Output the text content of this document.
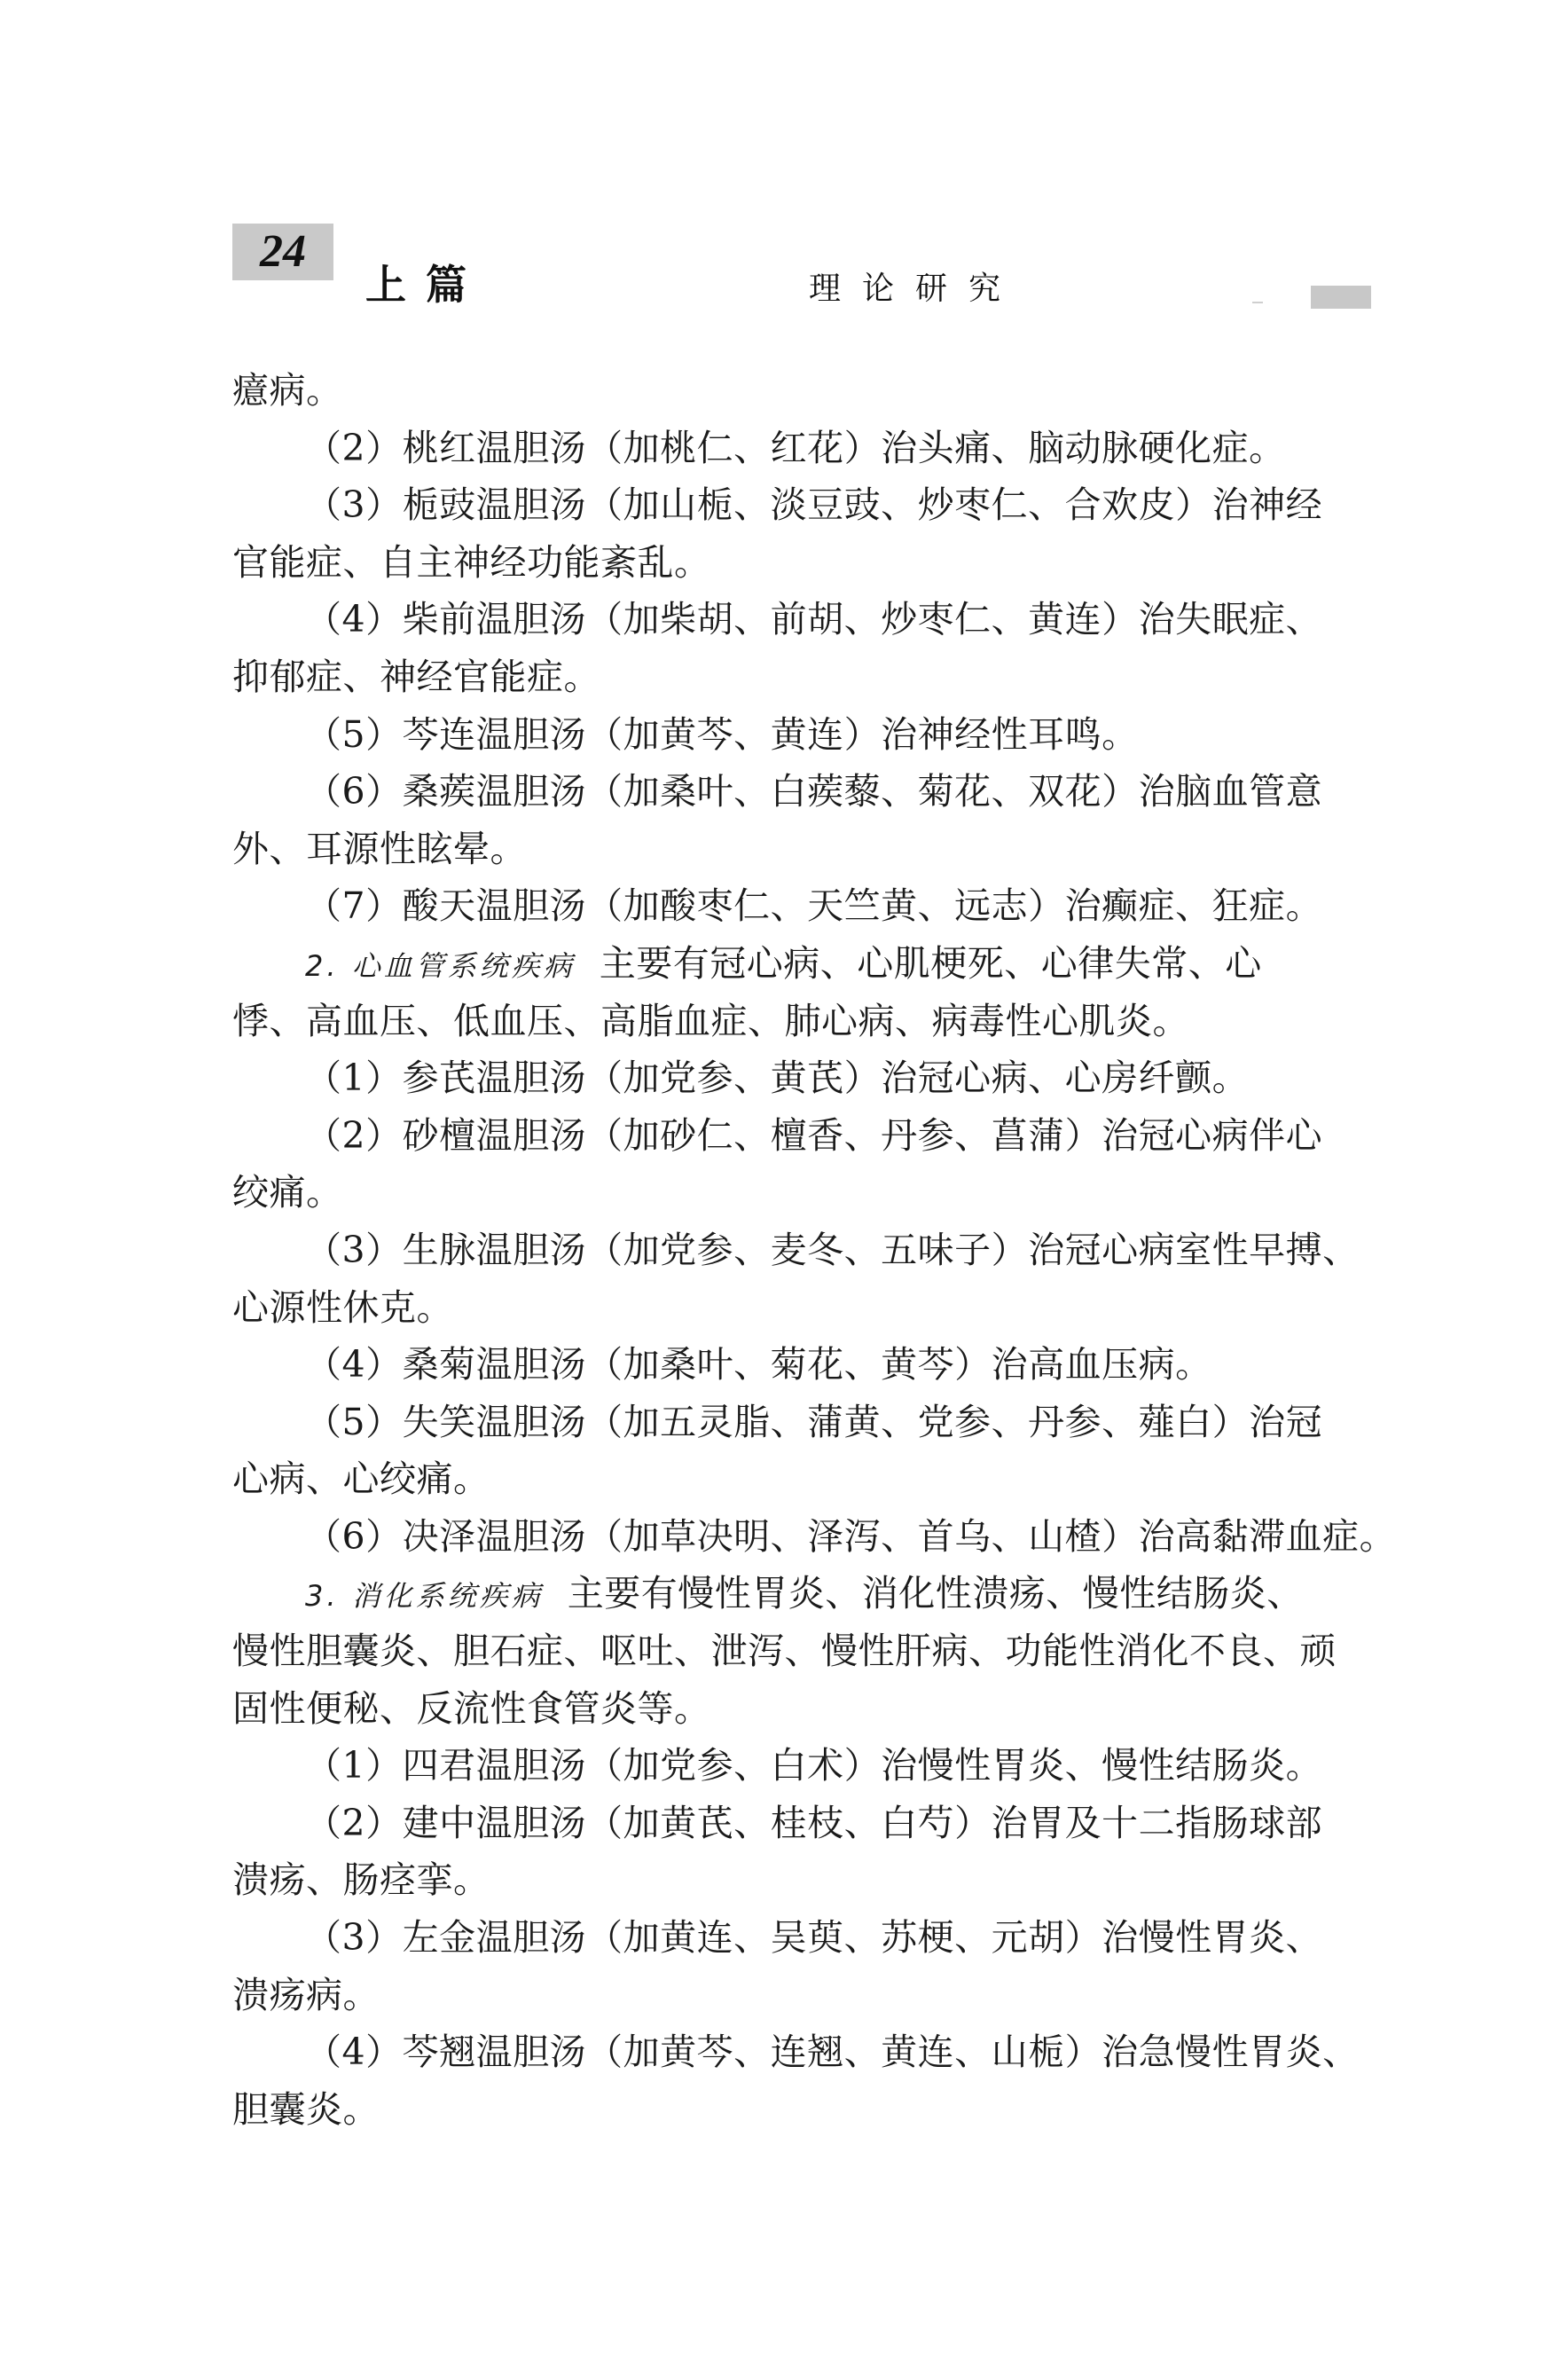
24
上篇	理论研究
癔病。
（2）桃红温胆汤（加桃仁、红花）治头痛、脑动脉硬化症。
（3）栀豉温胆汤（加山栀、淡豆豉、炒枣仁、合欢皮）治神经
官能症、自主神经功能紊乱。
（4）柴前温胆汤（加柴胡、前胡、炒枣仁、黄连）治失眠症、
抑郁症、神经官能症。
（5）芩连温胆汤（加黄芩、黄连）治神经性耳鸣。
（6）桑蒺温胆汤（加桑叶、白蒺藜、菊花、双花）治脑血管意
外、耳源性眩晕。
（7）酸天温胆汤（加酸枣仁、天竺黄、远志）治癫症、狂症。
2. 心血管系统疾病 主要有冠心病、心肌梗死、心律失常、心
悸、高血压、低血压、高脂血症、肺心病、病毒性心肌炎。
（1）参芪温胆汤（加党参、黄芪）治冠心病、心房纤颤。
（2）砂檀温胆汤（加砂仁、檀香、丹参、菖蒲）治冠心病伴心
绞痛。
（3）生脉温胆汤（加党参、麦冬、五味子）治冠心病室性早搏、
心源性休克。
（4）桑菊温胆汤（加桑叶、菊花、黄芩）治高血压病。
（5）失笑温胆汤（加五灵脂、蒲黄、党参、丹参、薤白）治冠
心病、心绞痛。
（6）决泽温胆汤（加草决明、泽泻、首乌、山楂）治高黏滞血症。
3. 消化系统疾病 主要有慢性胃炎、消化性溃疡、慢性结肠炎、
慢性胆囊炎、胆石症、呕吐、泄泻、慢性肝病、功能性消化不良、顽
固性便秘、反流性食管炎等。
（1）四君温胆汤（加党参、白术）治慢性胃炎、慢性结肠炎。
（2）建中温胆汤（加黄芪、桂枝、白芍）治胃及十二指肠球部
溃疡、肠痉挛。
（3）左金温胆汤（加黄连、吴萸、苏梗、元胡）治慢性胃炎、
溃疡病。
（4）芩翘温胆汤（加黄芩、连翘、黄连、山栀）治急慢性胃炎、
胆囊炎。
